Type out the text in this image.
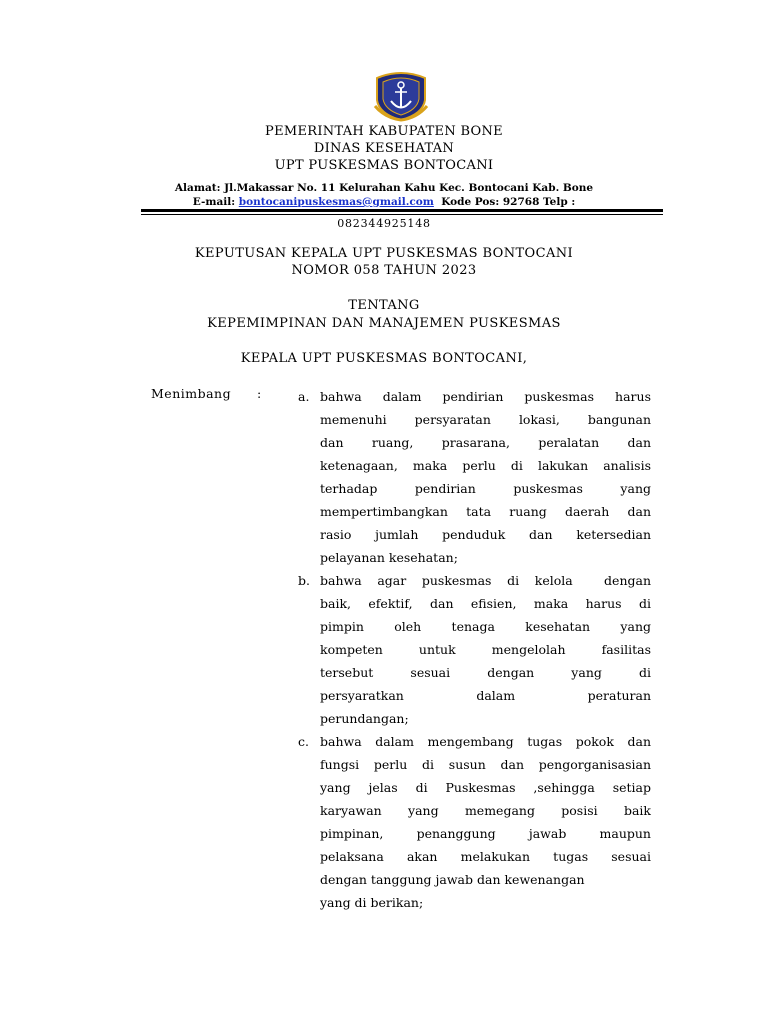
PEMERINTAH KABUPATEN BONE
DINAS KESEHATAN
UPT PUSKESMAS BONTOCANI
Alamat: Jl.Makassar No. 11 Kelurahan Kahu Kec. Bontocani Kab. Bone
E-mail: bontocanipuskesmas@gmail.com  Kode Pos: 92768 Telp :
082344925148
KEPUTUSAN KEPALA UPT PUSKESMAS BONTOCANI
NOMOR 058 TAHUN 2023
TENTANG
KEPEMIMPINAN DAN MANAJEMEN PUSKESMAS
KEPALA UPT PUSKESMAS BONTOCANI,
Menimbang :	a. bahwa dalam pendirian puskesmas harus
memenuhi persyaratan lokasi, bangunan
dan ruang, prasarana, peralatan dan
ketenagaan, maka perlu di lakukan analisis
terhadap pendirian puskesmas yang
mempertimbangkan tata ruang daerah dan
rasio jumlah penduduk dan ketersedian
pelayanan kesehatan;
b. bahwa agar puskesmas di kelola  dengan
baik, efektif, dan efisien, maka harus di
pimpin oleh tenaga kesehatan yang
kompeten untuk mengelolah fasilitas
tersebut sesuai dengan yang di
persyaratkan dalam peraturan
perundangan;
c. bahwa dalam mengembang tugas pokok dan
fungsi perlu di susun dan pengorganisasian
yang jelas di Puskesmas ,sehingga setiap
karyawan yang memegang posisi baik
pimpinan, penanggung jawab maupun
pelaksana akan melakukan tugas sesuai
dengan tanggung jawab dan kewenangan
yang di berikan;
